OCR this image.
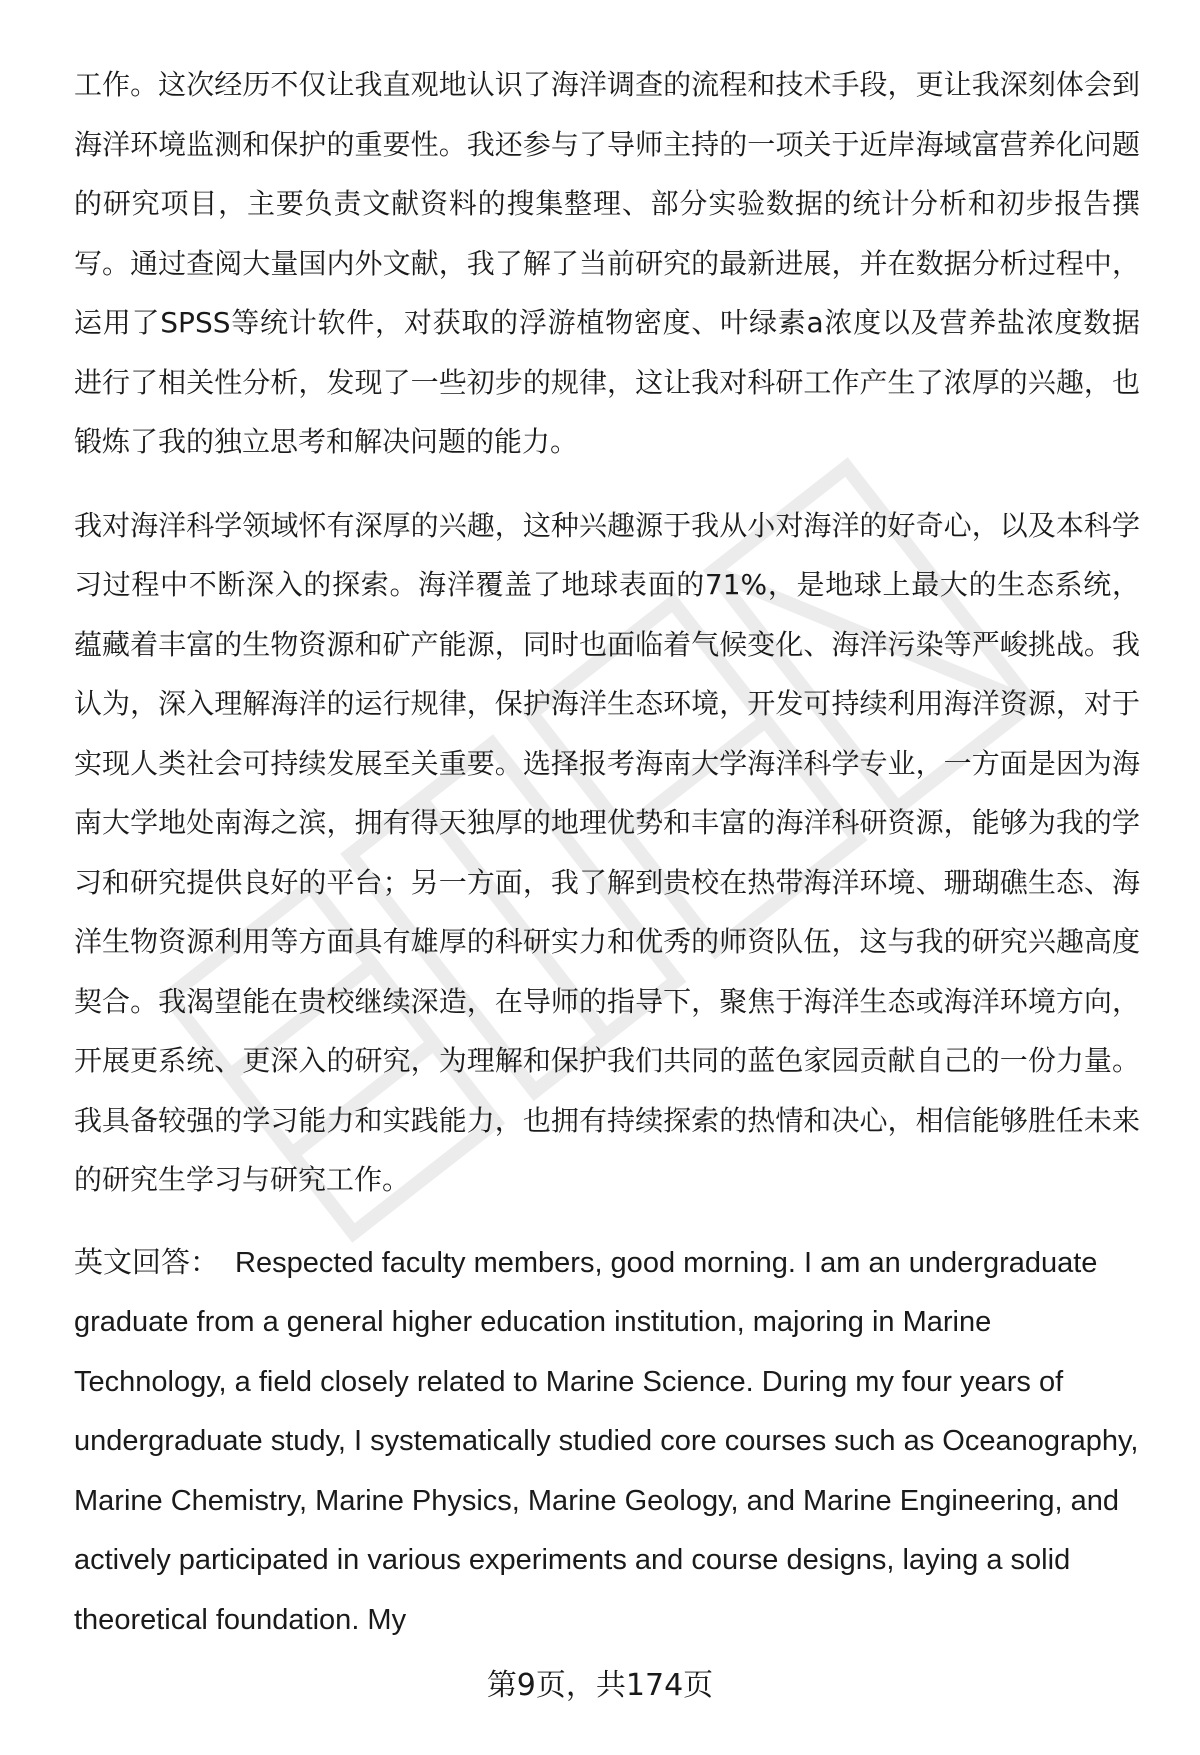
工作。这次经历不仅让我直观地认识了海洋调查的流程和技术手段，更让我深刻体会到海洋环境监测和保护的重要性。我还参与了导师主持的一项关于近岸海域富营养化问题的研究项目，主要负责文献资料的搜集整理、部分实验数据的统计分析和初步报告撰写。通过查阅大量国内外文献，我了解了当前研究的最新进展，并在数据分析过程中，运用了SPSS等统计软件，对获取的浮游植物密度、叶绿素a浓度以及营养盐浓度数据进行了相关性分析，发现了一些初步的规律，这让我对科研工作产生了浓厚的兴趣，也锻炼了我的独立思考和解决问题的能力。

我对海洋科学领域怀有深厚的兴趣，这种兴趣源于我从小对海洋的好奇心，以及本科学习过程中不断深入的探索。海洋覆盖了地球表面的71%，是地球上最大的生态系统，蕴藏着丰富的生物资源和矿产能源，同时也面临着气候变化、海洋污染等严峻挑战。我认为，深入理解海洋的运行规律，保护海洋生态环境，开发可持续利用海洋资源，对于实现人类社会可持续发展至关重要。选择报考海南大学海洋科学专业，一方面是因为海南大学地处南海之滨，拥有得天独厚的地理优势和丰富的海洋科研资源，能够为我的学习和研究提供良好的平台；另一方面，我了解到贵校在热带海洋环境、珊瑚礁生态、海洋生物资源利用等方面具有雄厚的科研实力和优秀的师资队伍，这与我的研究兴趣高度契合。我渴望能在贵校继续深造，在导师的指导下，聚焦于海洋生态或海洋环境方向，开展更系统、更深入的研究，为理解和保护我们共同的蓝色家园贡献自己的一份力量。我具备较强的学习能力和实践能力，也拥有持续探索的热情和决心，相信能够胜任未来的研究生学习与研究工作。

英文回答： Respected faculty members, good morning. I am an undergraduate graduate from a general higher education institution, majoring in Marine Technology, a field closely related to Marine Science. During my four years of undergraduate study, I systematically studied core courses such as Oceanography, Marine Chemistry, Marine Physics, Marine Geology, and Marine Engineering, and actively participated in various experiments and course designs, laying a solid theoretical foundation. My

第9页，共174页
